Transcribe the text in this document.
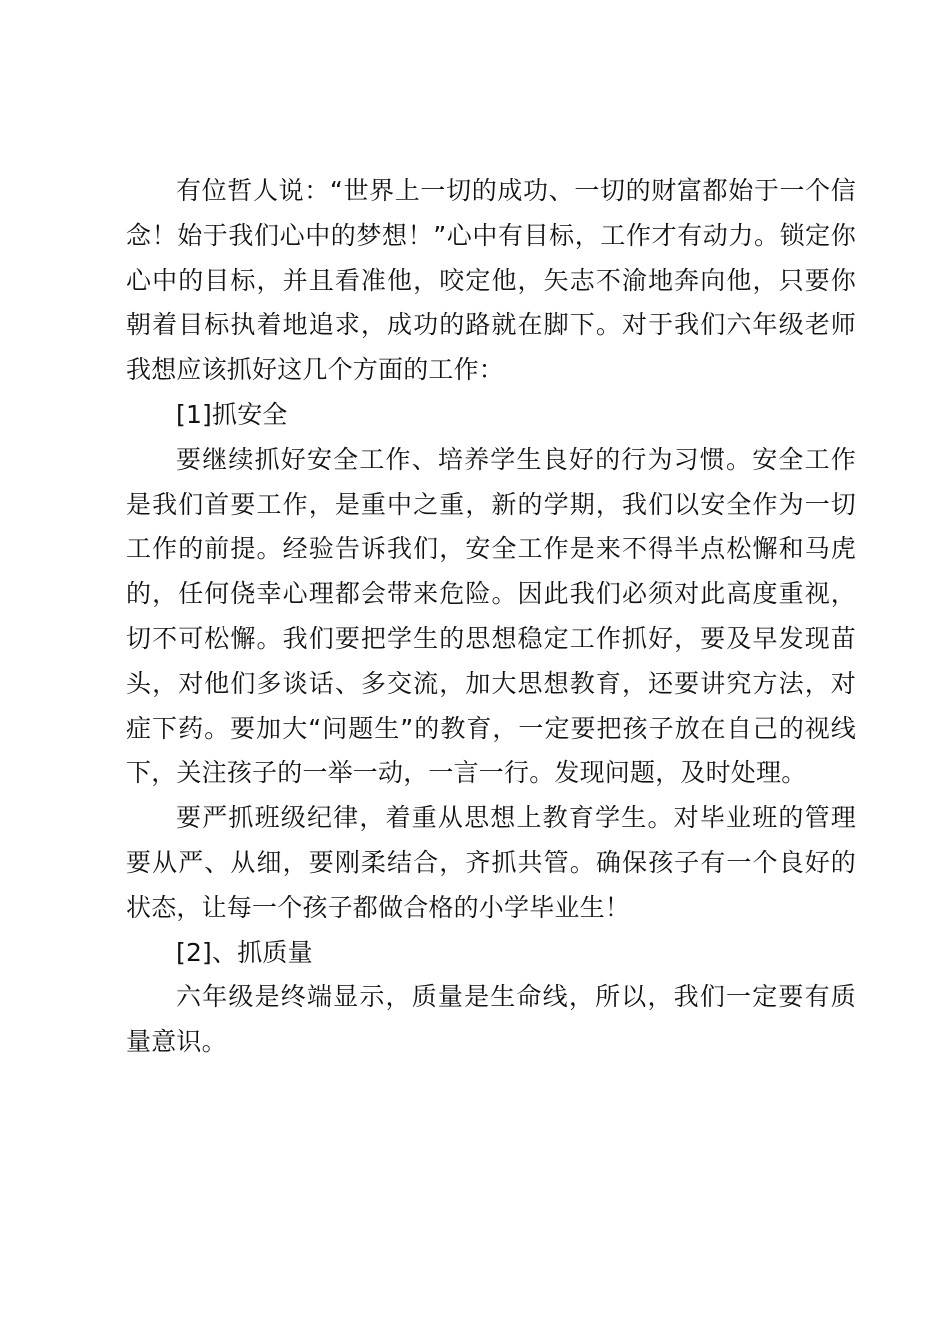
有位哲人说：“世界上一切的成功、一切的财富都始于一个信念！始于我们心中的梦想！”心中有目标，工作才有动力。锁定你心中的目标，并且看准他，咬定他，矢志不渝地奔向他，只要你朝着目标执着地追求，成功的路就在脚下。对于我们六年级老师我想应该抓好这几个方面的工作：

[1]抓安全

要继续抓好安全工作、培养学生良好的行为习惯。安全工作是我们首要工作，是重中之重，新的学期，我们以安全作为一切工作的前提。经验告诉我们，安全工作是来不得半点松懈和马虎的，任何侥幸心理都会带来危险。因此我们必须对此高度重视，切不可松懈。我们要把学生的思想稳定工作抓好，要及早发现苗头，对他们多谈话、多交流，加大思想教育，还要讲究方法，对症下药。要加大“问题生”的教育，一定要把孩子放在自己的视线下，关注孩子的一举一动，一言一行。发现问题，及时处理。

要严抓班级纪律，着重从思想上教育学生。对毕业班的管理要从严、从细，要刚柔结合，齐抓共管。确保孩子有一个良好的状态，让每一个孩子都做合格的小学毕业生！

[2]、抓质量

六年级是终端显示，质量是生命线，所以，我们一定要有质量意识。
